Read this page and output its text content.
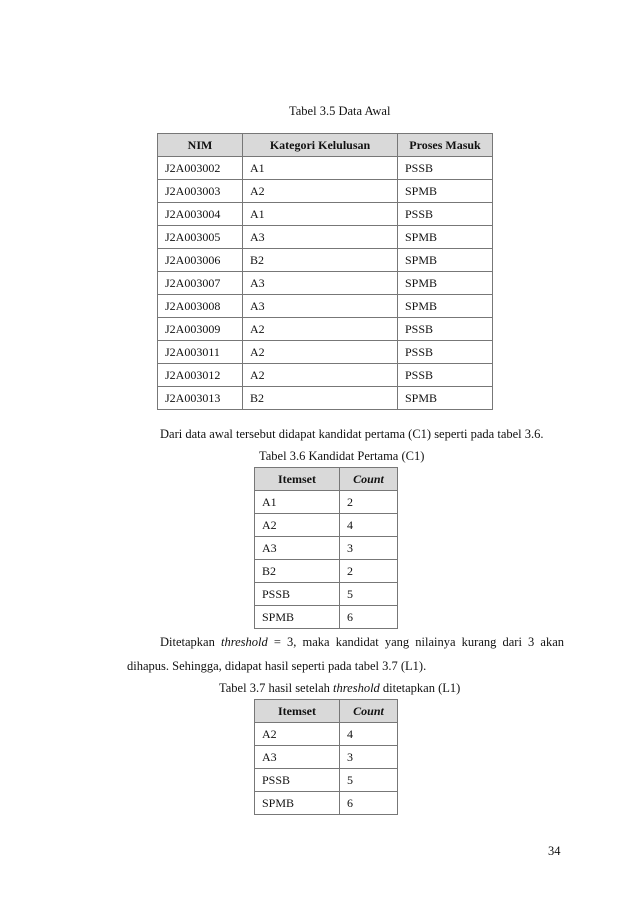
Tabel 3.5 Data Awal
NIM	Kategori Kelulusan	Proses Masuk
J2A003002	A1	PSSB
J2A003003	A2	SPMB
J2A003004	A1	PSSB
J2A003005	A3	SPMB
J2A003006	B2	SPMB
J2A003007	A3	SPMB
J2A003008	A3	SPMB
J2A003009	A2	PSSB
J2A003011	A2	PSSB
J2A003012	A2	PSSB
J2A003013	B2	SPMB
Dari data awal tersebut didapat kandidat pertama (C1) seperti pada tabel 3.6.
Tabel 3.6 Kandidat Pertama (C1)
Itemset	Count
A1	2
A2	4
A3	3
B2	2
PSSB	5
SPMB	6
Ditetapkan threshold = 3, maka kandidat yang nilainya kurang dari 3 akan
dihapus. Sehingga, didapat hasil seperti pada tabel 3.7 (L1).
Tabel 3.7 hasil setelah threshold ditetapkan (L1)
Itemset	Count
A2	4
A3	3
PSSB	5
SPMB	6
34
